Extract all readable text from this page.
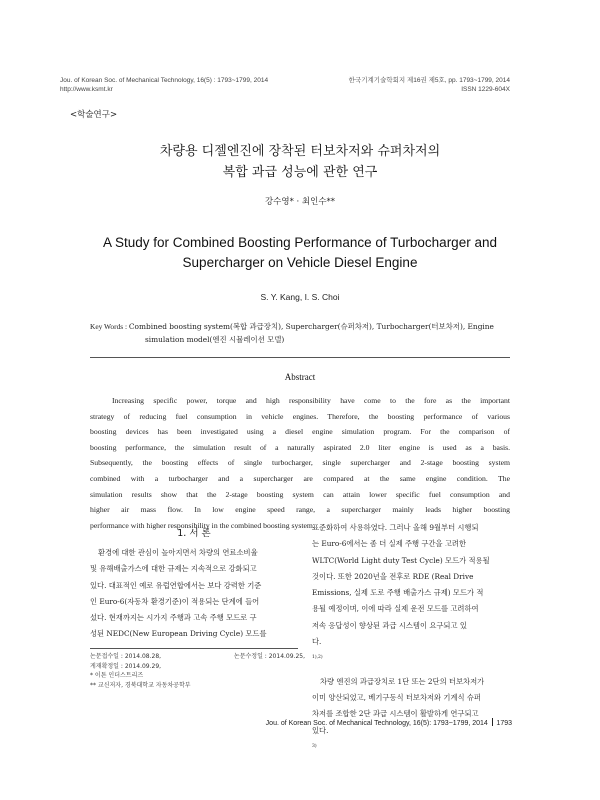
Jou. of Korean Soc. of Mechanical Technology, 16(5) : 1793~1799, 2014
http://www.ksmt.kr
한국기계기술학회지 제16권 제5호, pp. 1793~1799, 2014
ISSN 1229-604X
<학술연구>
차량용 디젤엔진에 장착된 터보차저와 슈퍼차저의
복합 과급 성능에 관한 연구
강수영* · 최인수**
A Study for Combined Boosting Performance of Turbocharger and
Supercharger on Vehicle Diesel Engine
S. Y. Kang, I. S. Choi
Key Words : Combined boosting system(복합 과급장치), Supercharger(슈퍼차저), Turbocharger(터보차저), Engine
simulation model(엔진 시뮬레이션 모델)
Abstract
Increasing specific power, torque and high responsibility have come to the fore as the important
strategy of reducing fuel consumption in vehicle engines. Therefore, the boosting performance of various
boosting devices has been investigated using a diesel engine simulation program. For the comparison of
boosting performance, the simulation result of a naturally aspirated 2.0 liter engine is used as a basis.
Subsequently, the boosting effects of single turbocharger, single supercharger and 2-stage boosting system
combined with a turbocharger and a supercharger are compared at the same engine condition. The
simulation results show that the 2-stage boosting system can attain lower specific fuel consumption and
higher air mass flow. In low engine speed range, a supercharger mainly leads higher boosting
performance with higher responsibility in the combined boosting system.
1. 서 론
환경에 대한 관심이 높아지면서 차량의 연료소비율
및 유해배출가스에 대한 규제는 지속적으로 강화되고
있다. 대표적인 예로 유럽연합에서는 보다 강력한 기준
인 Euro-6(자동차 환경기준)이 적용되는 단계에 들어
섰다. 현재까지는 시가지 주행과 고속 주행 모드로 구
성된 NEDC(New European Driving Cycle) 모드를
표준화하여 사용하였다. 그러나 올해 9월부터 시행되
는 Euro-6에서는 좀 더 실제 주행 구간을 고려한
WLTC(World Light duty Test Cycle) 모드가 적용될
것이다. 또한 2020년을 전후로 RDE (Real Drive
Emissions, 실제 도로 주행 배출가스 규제) 모드가 적
용될 예정이며, 이에 따라 실제 운전 모드를 고려하여
저속 응답성이 향상된 과급 시스템이 요구되고 있
다.
$^{1),2)}$
차량 엔진의 과급장치로 1단 또는 2단의 터보차저가
이미 양산되었고, 베기구동식 터보차저와 기계식 슈퍼
차저를 조합한 2단 과급 시스템이 활발하게 연구되고
있다.
$^{3)}$
논문접수일 : 2014.08.28,	논문수정일 : 2014.09.25,
게재확정일 : 2014.09.29,
* 이튼 인더스트리즈
** 교신저자, 경북대학교 자동차공학부
Jou. of Korean Soc. of Mechanical Technology, 16(5): 1793~1799, 2014 1793
